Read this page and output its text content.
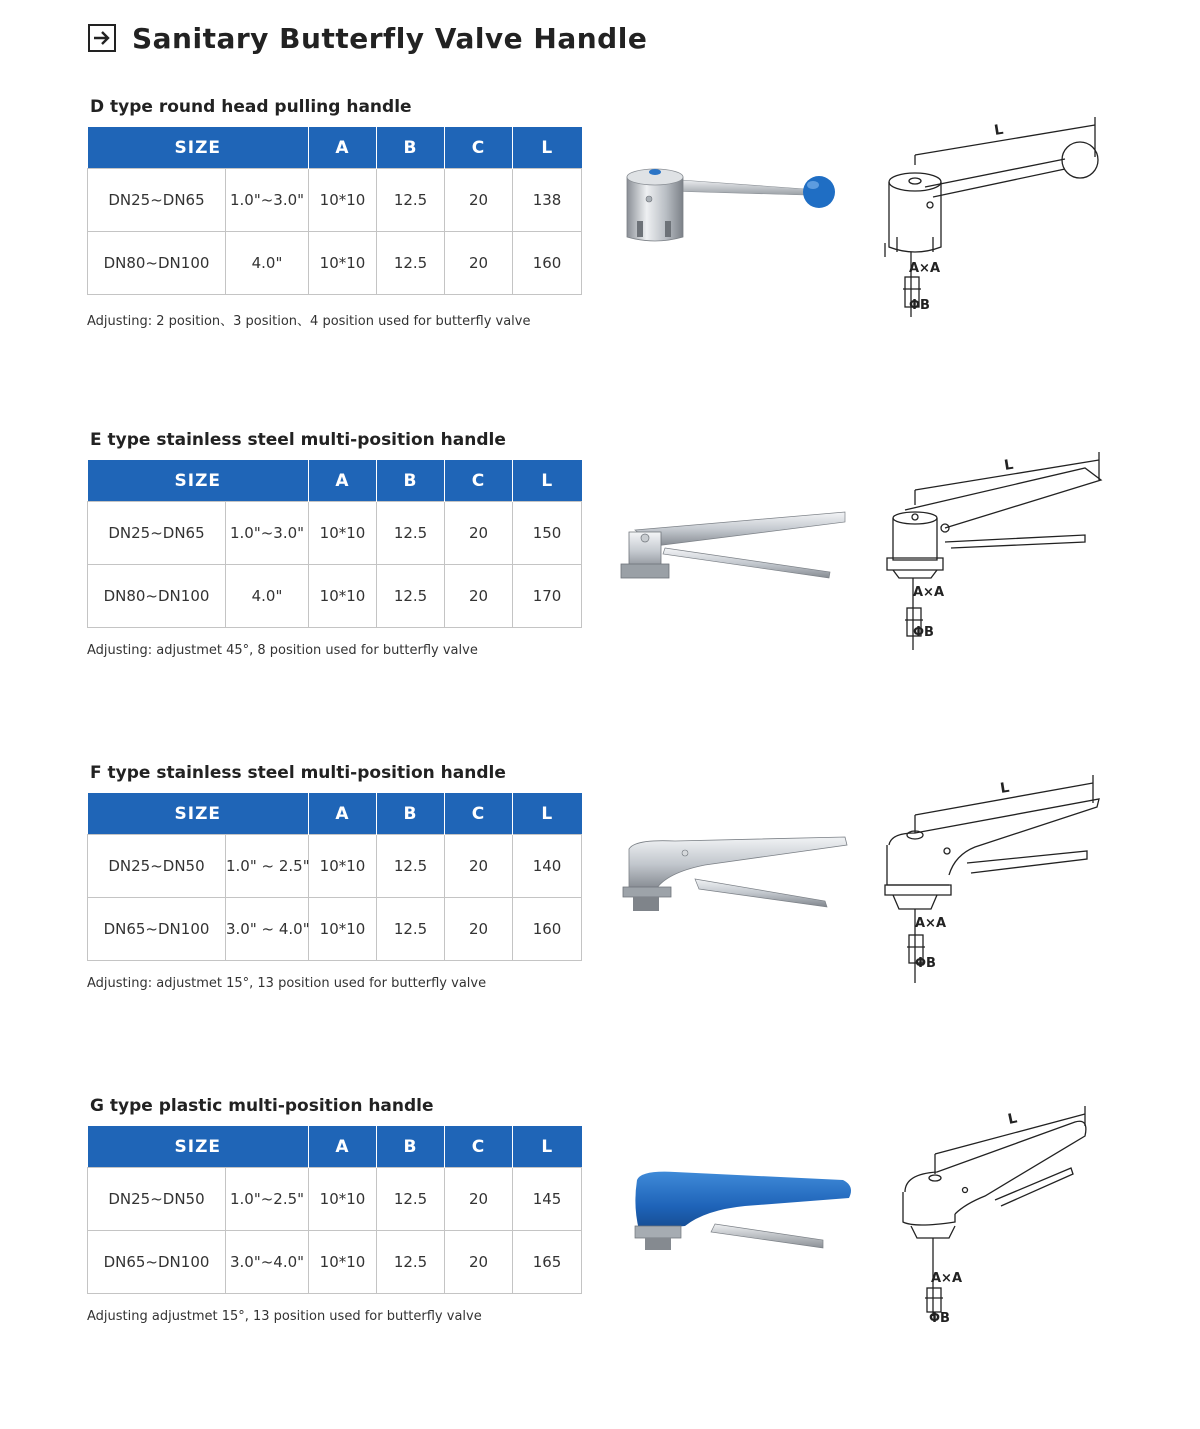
Sanitary Butterfly Valve Handle
D type round head pulling handle
SIZE		A	B	C	L
DN25~DN65	1.0"~3.0"	10*10	12.5	20	138
DN80~DN100	4.0"	10*10	12.5	20	160
Adjusting: 2 position、3 position、4 position used for butterfly valve
L
A×A
ΦB
E type stainless steel multi-position handle
SIZE		A	B	C	L
DN25~DN65	1.0"~3.0"	10*10	12.5	20	150
DN80~DN100	4.0"	10*10	12.5	20	170
Adjusting: adjustmet 45°, 8 position used for butterfly valve
L
A×A
ΦB
F type stainless steel multi-position handle
SIZE		A	B	C	L
DN25~DN50	1.0" ~ 2.5"	10*10	12.5	20	140
DN65~DN100	3.0" ~ 4.0"	10*10	12.5	20	160
Adjusting: adjustmet 15°, 13 position used for butterfly valve
L
A×A
ΦB
G type plastic multi-position handle
SIZE		A	B	C	L
DN25~DN50	1.0"~2.5"	10*10	12.5	20	145
DN65~DN100	3.0"~4.0"	10*10	12.5	20	165
Adjusting adjustmet 15°, 13 position used for butterfly valve
L
A×A
ΦB
